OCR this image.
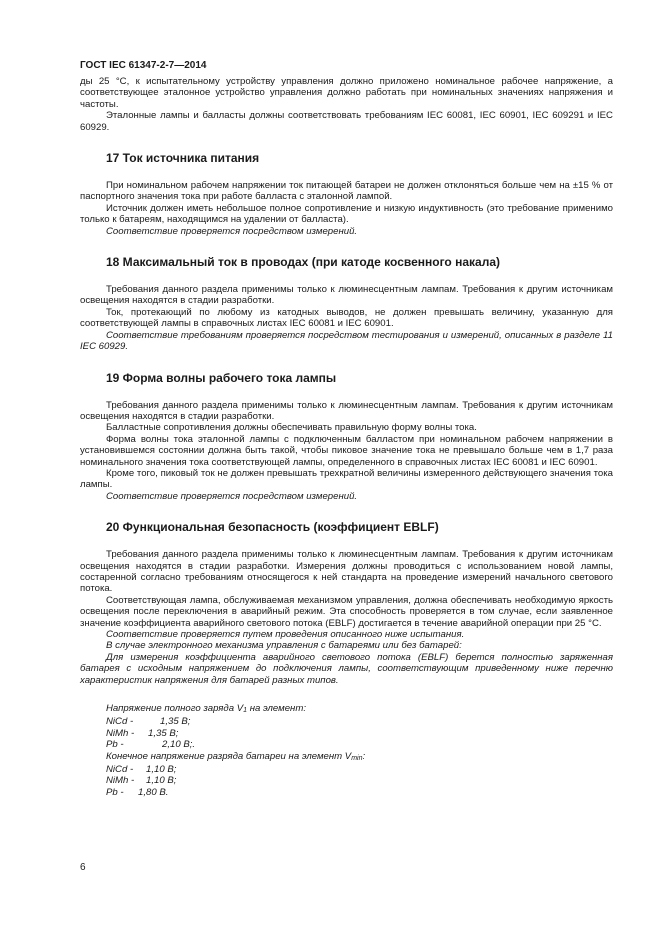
ГОСТ IEC 61347-2-7—2014

ды 25 °С, к испытательному устройству управления должно приложено номинальное рабочее напряжение, а соответствующее эталонное устройство управления должно работать при номинальных значениях напряжения и частоты.

Эталонные лампы и балласты должны соответствовать требованиям IEC 60081, IEC 60901, IEC 609291 и IEC 60929.

17 Ток источника питания

При номинальном рабочем напряжении ток питающей батареи не должен отклоняться больше чем на ±15 % от паспортного значения тока при работе балласта с эталонной лампой.

Источник должен иметь небольшое полное сопротивление и низкую индуктивность (это требование применимо только к батареям, находящимся на удалении от балласта).

Соответствие проверяется посредством измерений.

18 Максимальный ток в проводах (при катоде косвенного накала)

Требования данного раздела применимы только к люминесцентным лампам. Требования к другим источникам освещения находятся в стадии разработки.

Ток, протекающий по любому из катодных выводов, не должен превышать величину, указанную для соответствующей лампы в справочных листах IEC 60081 и IEC 60901.

Соответствие требованиям проверяется посредством тестирования и измерений, описанных в разделе 11 IEC 60929.

19 Форма волны рабочего тока лампы

Требования данного раздела применимы только к люминесцентным лампам. Требования к другим источникам освещения находятся в стадии разработки.

Балластные сопротивления должны обеспечивать правильную форму волны тока.

Форма волны тока эталонной лампы с подключенным балластом при номинальном рабочем напряжении в установившемся состоянии должна быть такой, чтобы пиковое значение тока не превышало больше чем в 1,7 раза номинального значения тока соответствующей лампы, определенного в справочных листах IEC 60081 и IEC 60901.

Кроме того, пиковый ток не должен превышать трехкратной величины измеренного действующего значения тока лампы.

Соответствие проверяется посредством измерений.

20 Функциональная безопасность (коэффициент EBLF)

Требования данного раздела применимы только к люминесцентным лампам. Требования к другим источникам освещения находятся в стадии разработки. Измерения должны проводиться с использованием новой лампы, состаренной согласно требованиям относящегося к ней стандарта на проведение измерений начального светового потока.

Соответствующая лампа, обслуживаемая механизмом управления, должна обеспечивать необходимую яркость освещения после переключения в аварийный режим. Эта способность проверяется в том случае, если заявленное значение коэффициента аварийного светового потока (EBLF) достигается в течение аварийной операции при 25 °С.

Соответствие проверяется путем проведения описанного ниже испытания.

В случае электронного механизма управления с батареями или без батарей:

Для измерения коэффициента аварийного светового потока (EBLF) берется полностью заряженная батарея с исходным напряжением до подключения лампы, соответствующим приведенному ниже перечню характеристик напряжения для батарей разных типов.

Напряжение полного заряда $V_1$ на элемент:
NiCd -	1,35 В;
NiMh - 1,35 В;
Pb -	2,10 В;.
Конечное напряжение разряда батареи на элемент $V_{min}$:
NiCd - 1,10 В;
NiMh - 1,10 В;
Pb - 1,80 В.
6
